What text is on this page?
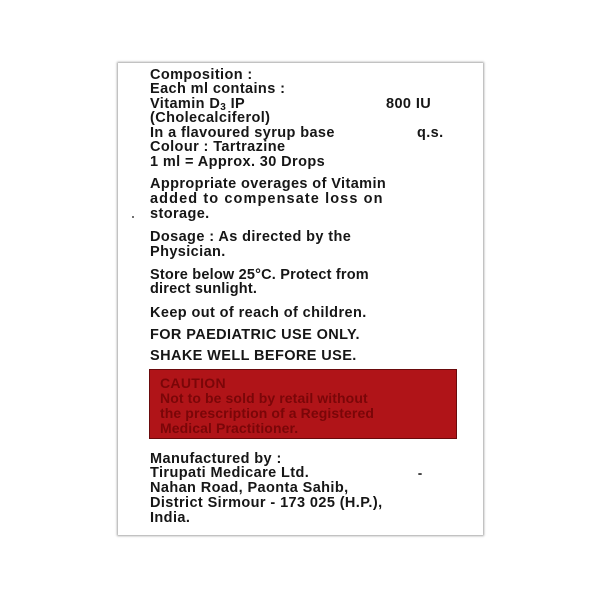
Composition :
Each ml contains :
Vitamin $D_3$ IP	800 IU
(Cholecalciferol)
In a flavoured syrup base	q.s.
Colour : Tartrazine
1 ml = Approx. 30 Drops
Appropriate overages of Vitamin
added to compensate loss on
storage.
Dosage : As directed by the
Physician.
Store below 25°C. Protect from
direct sunlight.
Keep out of reach of children.
FOR PAEDIATRIC USE ONLY.
SHAKE WELL BEFORE USE.
CAUTION
Not to be sold by retail without
the prescription of a Registered
Medical Practitioner.
Manufactured by :
Tirupati Medicare Ltd.
Nahan Road, Paonta Sahib,
District Sirmour - 173 025 (H.P.),
India.
